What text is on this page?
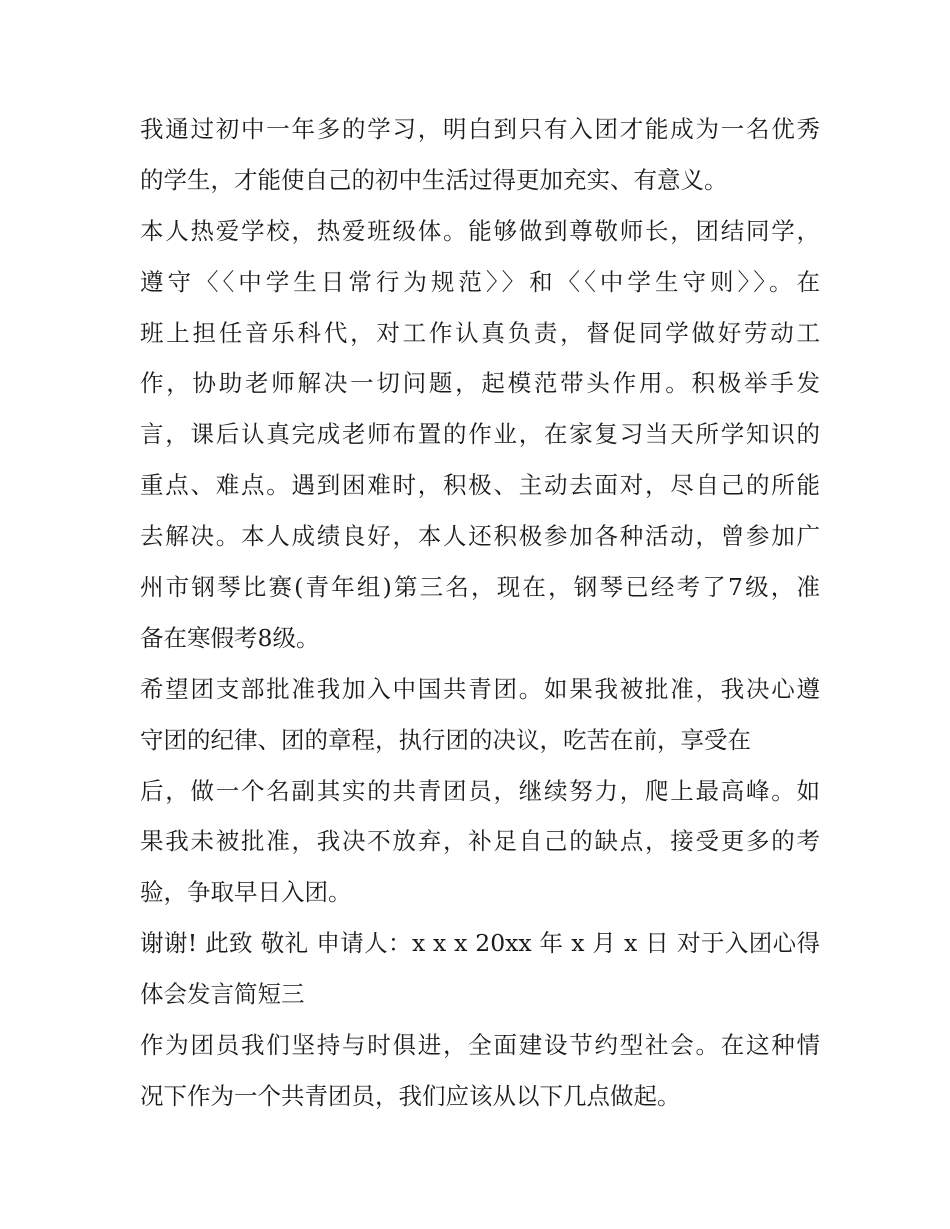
我通过初中一年多的学习，明白到只有入团才能成为一名优秀
的学生，才能使自己的初中生活过得更加充实、有意义。
本人热爱学校，热爱班级体。能够做到尊敬师长，团结同学，
遵守〈〈中学生日常行为规范〉〉和〈〈中学生守则〉〉。在
班上担任音乐科代，对工作认真负责，督促同学做好劳动工
作，协助老师解决一切问题，起模范带头作用。积极举手发
言，课后认真完成老师布置的作业，在家复习当天所学知识的
重点、难点。遇到困难时，积极、主动去面对，尽自己的所能
去解决。本人成绩良好，本人还积极参加各种活动，曾参加广
州市钢琴比赛(青年组)第三名，现在，钢琴已经考了7级，准
备在寒假考8级。
希望团支部批准我加入中国共青团。如果我被批准，我决心遵
守团的纪律、团的章程，执行团的决议，吃苦在前，享受在
后，做一个名副其实的共青团员，继续努力，爬上最高峰。如
果我未被批准，我决不放弃，补足自己的缺点，接受更多的考
验，争取早日入团。
谢谢! 此致 敬礼 申请人：x x x 20xx 年 x 月 x 日 对于入团心得
体会发言简短三
作为团员我们坚持与时俱进，全面建设节约型社会。在这种情
况下作为一个共青团员，我们应该从以下几点做起。
